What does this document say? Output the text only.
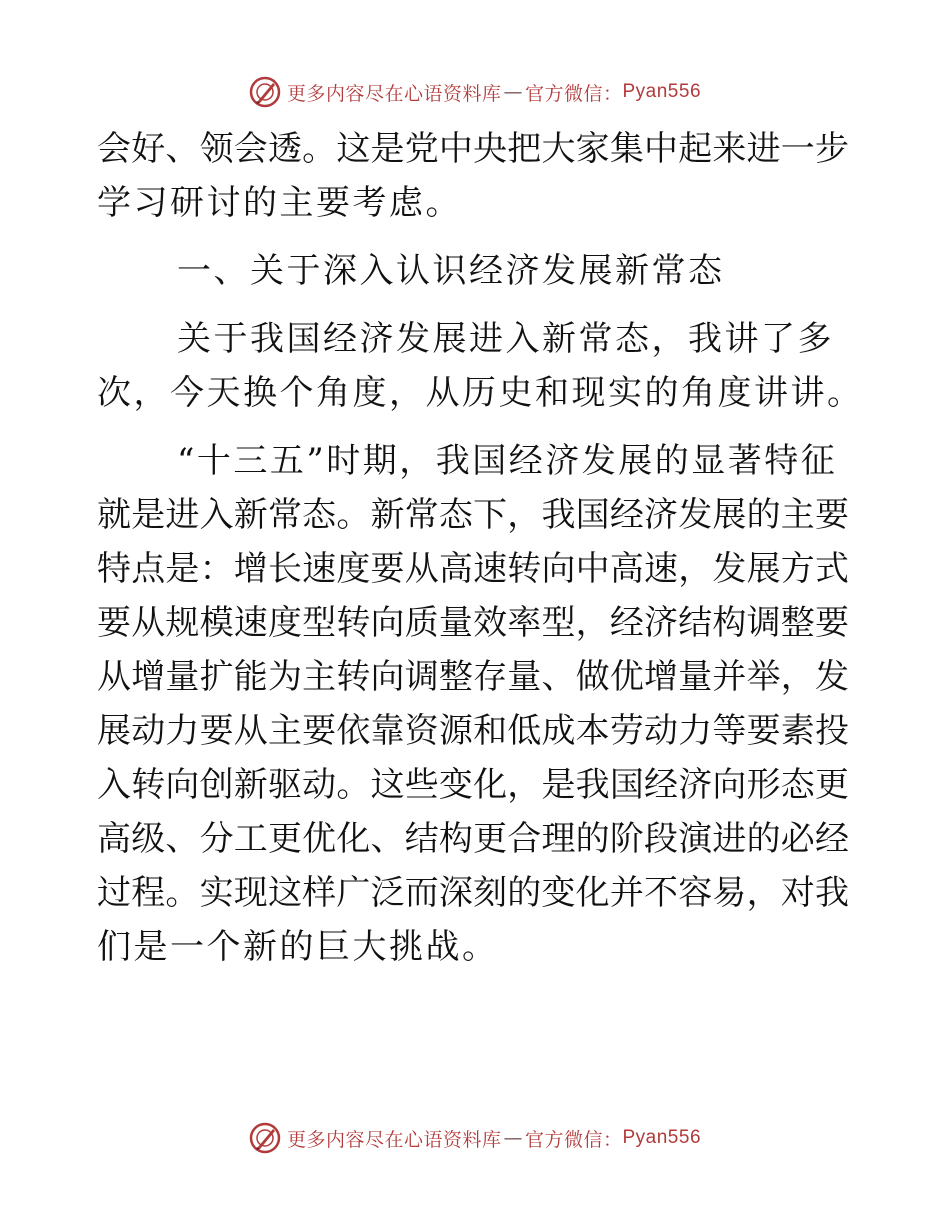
更多内容尽在心语资料库 — 官方微信： Pyan556
会好、领会透。这是党中央把大家集中起来进一步
学习研讨的主要考虑。
一、关于深入认识经济发展新常态
关于我国经济发展进入新常态，我讲了多
次，今天换个角度，从历史和现实的角度讲讲。
“十三五”时期，我国经济发展的显著特征
就是进入新常态。新常态下，我国经济发展的主要
特点是：增长速度要从高速转向中高速，发展方式
要从规模速度型转向质量效率型，经济结构调整要
从增量扩能为主转向调整存量、做优增量并举，发
展动力要从主要依靠资源和低成本劳动力等要素投
入转向创新驱动。这些变化，是我国经济向形态更
高级、分工更优化、结构更合理的阶段演进的必经
过程。实现这样广泛而深刻的变化并不容易，对我
们是一个新的巨大挑战。
更多内容尽在心语资料库 — 官方微信： Pyan556
